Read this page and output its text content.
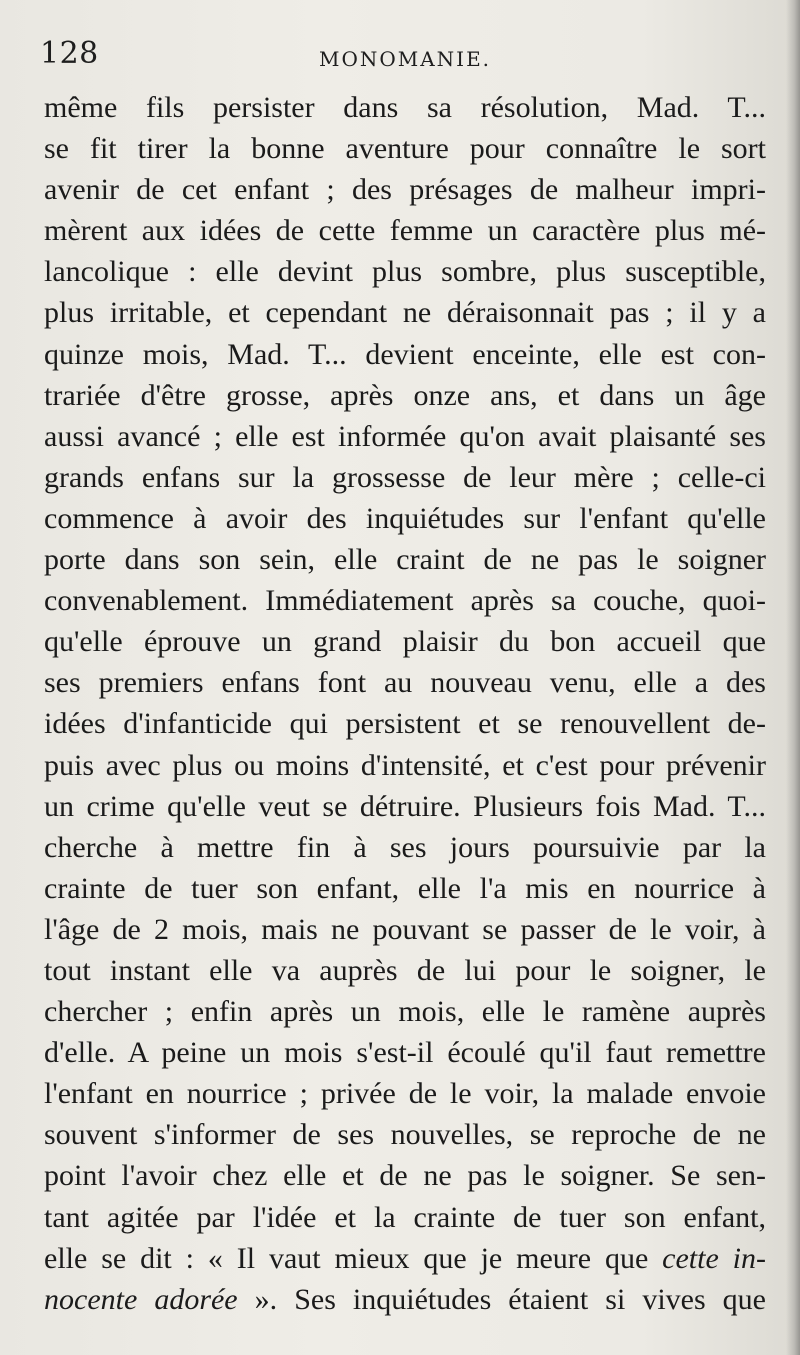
128	MONOMANIE.
même fils persister dans sa résolution, Mad. T...
se fit tirer la bonne aventure pour connaître le sort
avenir de cet enfant ; des présages de malheur impri-
mèrent aux idées de cette femme un caractère plus mé-
lancolique : elle devint plus sombre, plus susceptible,
plus irritable, et cependant ne déraisonnait pas ; il y a
quinze mois, Mad. T... devient enceinte, elle est con-
trariée d'être grosse, après onze ans, et dans un âge
aussi avancé ; elle est informée qu'on avait plaisanté ses
grands enfans sur la grossesse de leur mère ; celle-ci
commence à avoir des inquiétudes sur l'enfant qu'elle
porte dans son sein, elle craint de ne pas le soigner
convenablement. Immédiatement après sa couche, quoi-
qu'elle éprouve un grand plaisir du bon accueil que
ses premiers enfans font au nouveau venu, elle a des
idées d'infanticide qui persistent et se renouvellent de-
puis avec plus ou moins d'intensité, et c'est pour prévenir
un crime qu'elle veut se détruire. Plusieurs fois Mad. T...
cherche à mettre fin à ses jours poursuivie par la
crainte de tuer son enfant, elle l'a mis en nourrice à
l'âge de 2 mois, mais ne pouvant se passer de le voir, à
tout instant elle va auprès de lui pour le soigner, le
chercher ; enfin après un mois, elle le ramène auprès
d'elle. A peine un mois s'est-il écoulé qu'il faut remettre
l'enfant en nourrice ; privée de le voir, la malade envoie
souvent s'informer de ses nouvelles, se reproche de ne
point l'avoir chez elle et de ne pas le soigner. Se sen-
tant agitée par l'idée et la crainte de tuer son enfant,
elle se dit : « Il vaut mieux que je meure que cette in-
nocente adorée ». Ses inquiétudes étaient si vives que
